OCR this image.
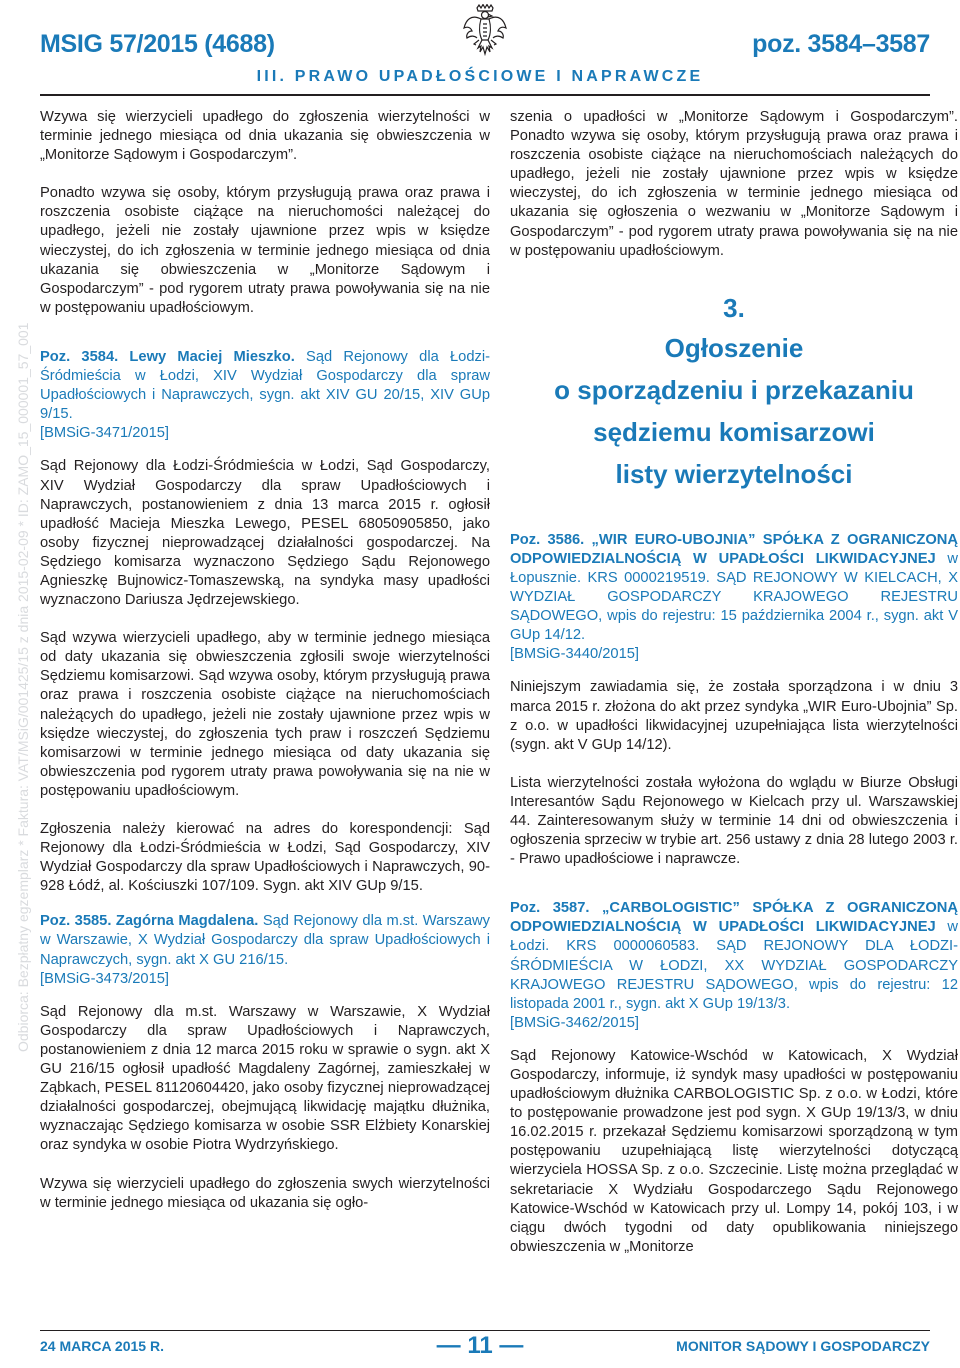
MSIG 57/2015 (4688)	poz. 3584–3587
III. PRAWO UPADŁOŚCIOWE I NAPRAWCZE
Odbiorca: Bezpłatny egzemplarz * Faktura: VAT/MSiG/001425/15 z dnia 2015-02-09 * ID: ZAMO_15_000001_57_001

Wzywa się wierzycieli upadłego do zgłoszenia wierzytelności w terminie jednego miesiąca od dnia ukazania się obwieszczenia w „Monitorze Sądowym i Gospodarczym”.

Ponadto wzywa się osoby, którym przysługują prawa oraz prawa i roszczenia osobiste ciążące na nieruchomości należącej do upadłego, jeżeli nie zostały ujawnione przez wpis w księdze wieczystej, do ich zgłoszenia w terminie jednego miesiąca od dnia ukazania się obwieszczenia w „Monitorze Sądowym i Gospodarczym” - pod rygorem utraty prawa powoływania się na nie w postępowaniu upadłościowym.

Poz. 3584. Lewy Maciej Mieszko. Sąd Rejonowy dla Łodzi-Śródmieścia w Łodzi, XIV Wydział Gospodarczy dla spraw Upadłościowych i Naprawczych, sygn. akt XIV GU 20/15, XIV GUp 9/15.
[BMSiG-3471/2015]

Sąd Rejonowy dla Łodzi-Śródmieścia w Łodzi, Sąd Gospodarczy, XIV Wydział Gospodarczy dla spraw Upadłościowych i Naprawczych, postanowieniem z dnia 13 marca 2015 r. ogłosił upadłość Macieja Mieszka Lewego, PESEL 68050905850, jako osoby fizycznej nieprowadzącej działalności gospodarczej. Na Sędziego komisarza wyznaczono Sędziego Sądu Rejonowego Agnieszkę Bujnowicz-Tomaszewską, na syndyka masy upadłości wyznaczono Dariusza Jędrzejewskiego.

Sąd wzywa wierzycieli upadłego, aby w terminie jednego miesiąca od daty ukazania się obwieszczenia zgłosili swoje wierzytelności Sędziemu komisarzowi. Sąd wzywa osoby, którym przysługują prawa oraz prawa i roszczenia osobiste ciążące na nieruchomościach należących do upadłego, jeżeli nie zostały ujawnione przez wpis w księdze wieczystej, do zgłoszenia tych praw i roszczeń Sędziemu komisarzowi w terminie jednego miesiąca od daty ukazania się obwieszczenia pod rygorem utraty prawa powoływania się na nie w postępowaniu upadłościowym.

Zgłoszenia należy kierować na adres do korespondencji: Sąd Rejonowy dla Łodzi-Śródmieścia w Łodzi, Sąd Gospodarczy, XIV Wydział Gospodarczy dla spraw Upadłościowych i Naprawczych, 90-928 Łódź, al. Kościuszki 107/109. Sygn. akt XIV GUp 9/15.

Poz. 3585. Zagórna Magdalena. Sąd Rejonowy dla m.st. Warszawy w Warszawie, X Wydział Gospodarczy dla spraw Upadłościowych i Naprawczych, sygn. akt X GU 216/15.
[BMSiG-3473/2015]

Sąd Rejonowy dla m.st. Warszawy w Warszawie, X Wydział Gospodarczy dla spraw Upadłościowych i Naprawczych, postanowieniem z dnia 12 marca 2015 roku w sprawie o sygn. akt X GU 216/15 ogłosił upadłość Magdaleny Zagórnej, zamieszkałej w Ząbkach, PESEL 81120604420, jako osoby fizycznej nieprowadzącej działalności gospodarczej, obejmującą likwidację majątku dłużnika, wyznaczając Sędziego komisarza w osobie SSR Elżbiety Konarskiej oraz syndyka w osobie Piotra Wydrzyńskiego.

Wzywa się wierzycieli upadłego do zgłoszenia swych wierzytelności w terminie jednego miesiąca od ukazania się ogło-

szenia o upadłości w „Monitorze Sądowym i Gospodarczym”. Ponadto wzywa się osoby, którym przysługują prawa oraz prawa i roszczenia osobiste ciążące na nieruchomościach należących do upadłego, jeżeli nie zostały ujawnione przez wpis w księdze wieczystej, do ich zgłoszenia w terminie jednego miesiąca od ukazania się ogłoszenia o wezwaniu w „Monitorze Sądowym i Gospodarczym” - pod rygorem utraty prawa powoływania się na nie w postępowaniu upadłościowym.

3.
Ogłoszenie
o sporządzeniu i przekazaniu
sędziemu komisarzowi
listy wierzytelności

Poz. 3586. „WIR EURO-UBOJNIA” SPÓŁKA Z OGRANICZONĄ ODPOWIEDZIALNOŚCIĄ W UPADŁOŚCI LIKWIDACYJNEJ w Łopusznie. KRS 0000219519. SĄD REJONOWY W KIELCACH, X WYDZIAŁ GOSPODARCZY KRAJOWEGO REJESTRU SĄDOWEGO, wpis do rejestru: 15 października 2004 r., sygn. akt V GUp 14/12.
[BMSiG-3440/2015]

Niniejszym zawiadamia się, że została sporządzona i w dniu 3 marca 2015 r. złożona do akt przez syndyka „WIR Euro-Ubojnia” Sp. z o.o. w upadłości likwidacyjnej uzupełniająca lista wierzytelności (sygn. akt V GUp 14/12).

Lista wierzytelności została wyłożona do wglądu w Biurze Obsługi Interesantów Sądu Rejonowego w Kielcach przy ul. Warszawskiej 44. Zainteresowanym służy w terminie 14 dni od obwieszczenia i ogłoszenia sprzeciw w trybie art. 256 ustawy z dnia 28 lutego 2003 r. - Prawo upadłościowe i naprawcze.

Poz. 3587. „CARBOLOGISTIC” SPÓŁKA Z OGRANICZONĄ ODPOWIEDZIALNOŚCIĄ W UPADŁOŚCI LIKWIDACYJNEJ w Łodzi. KRS 0000060583. SĄD REJONOWY DLA ŁODZI-ŚRÓDMIEŚCIA W ŁODZI, XX WYDZIAŁ GOSPODARCZY KRAJOWEGO REJESTRU SĄDOWEGO, wpis do rejestru: 12 listopada 2001 r., sygn. akt X GUp 19/13/3.
[BMSiG-3462/2015]

Sąd Rejonowy Katowice-Wschód w Katowicach, X Wydział Gospodarczy, informuje, iż syndyk masy upadłości w postępowaniu upadłościowym dłużnika CARBOLOGISTIC Sp. z o.o. w Łodzi, które to postępowanie prowadzone jest pod sygn. X GUp 19/13/3, w dniu 16.02.2015 r. przekazał Sędziemu komisarzowi sporządzoną w tym postępowaniu uzupełniającą listę wierzytelności dotyczącą wierzyciela HOSSA Sp. z o.o. Szczecinie. Listę można przeglądać w sekretariacie X Wydziału Gospodarczego Sądu Rejonowego Katowice-Wschód w Katowicach przy ul. Lompy 14, pokój 103, i w ciągu dwóch tygodni od daty opublikowania niniejszego obwieszczenia w „Monitorze

24 MARCA 2015 R.
—	11 —	MONITOR SĄDOWY I GOSPODARCZY
